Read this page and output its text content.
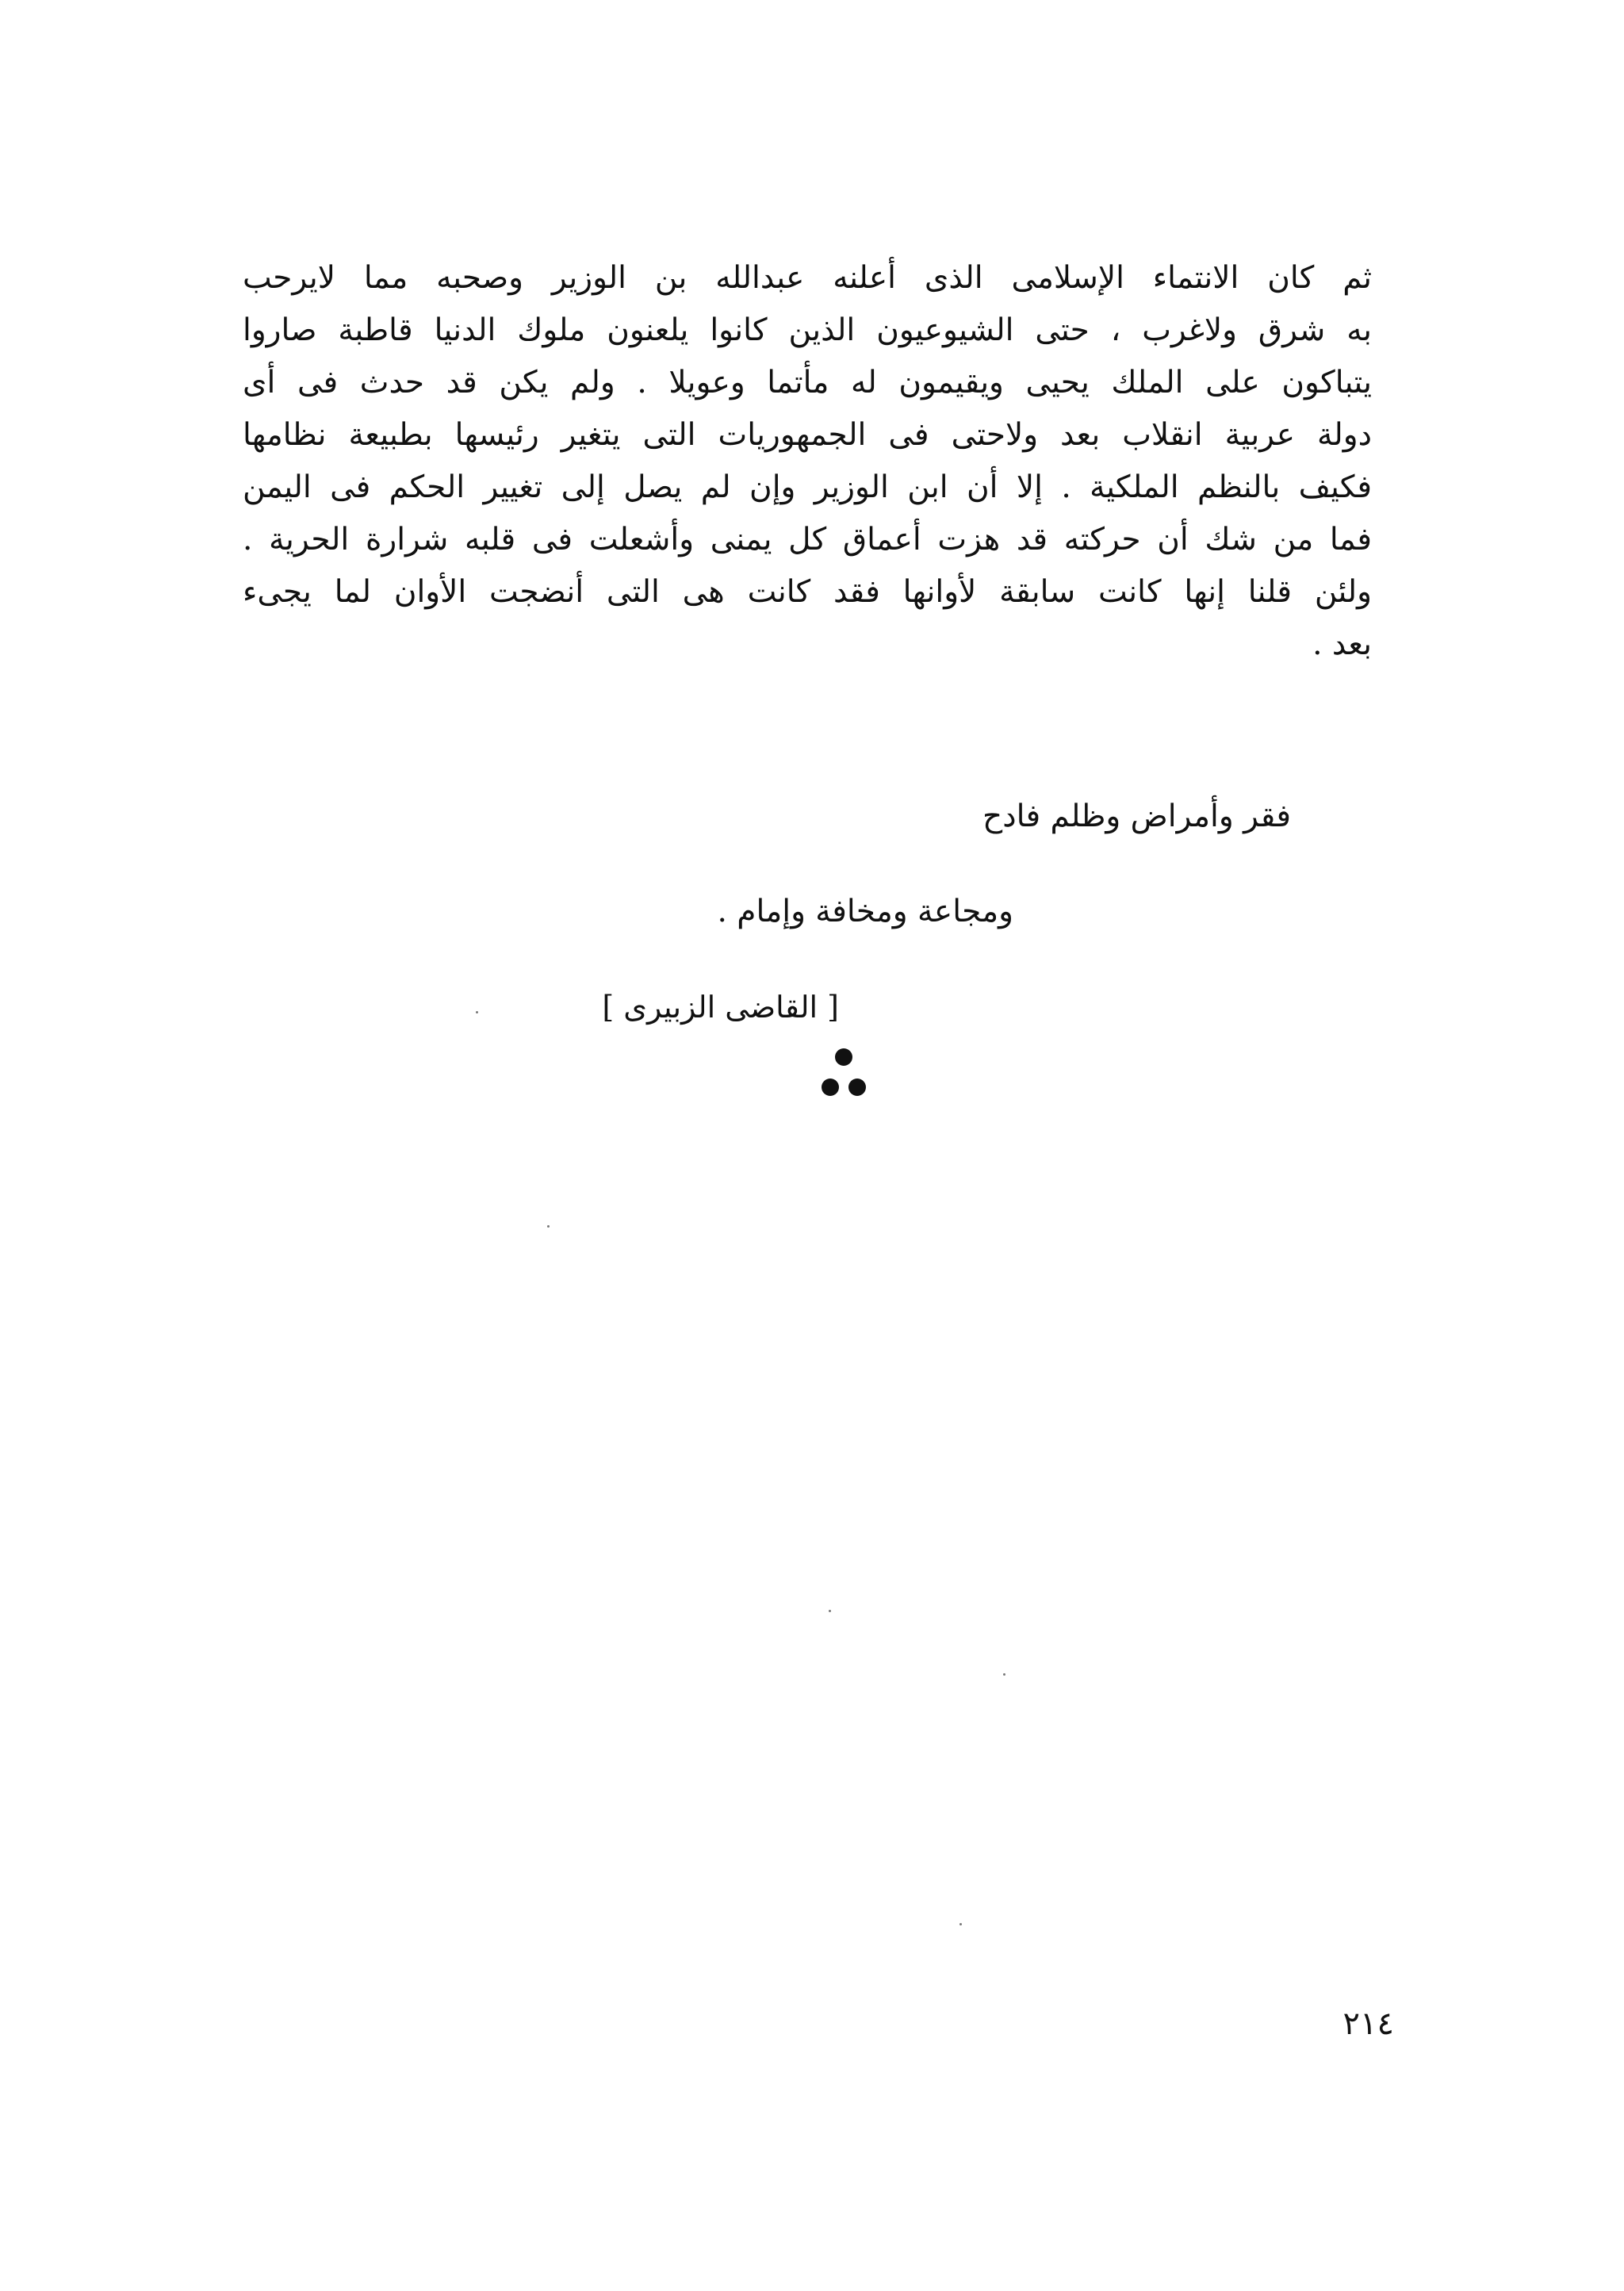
ثم كان الانتماء الإسلامى الذى أعلنه عبدالله بن الوزير وصحبه مما لايرحب
به شرق ولاغرب ، حتى الشيوعيون الذين كانوا يلعنون ملوك الدنيا قاطبة صاروا
يتباكون على الملك يحيى ويقيمون له مأتما وعويلا . ولم يكن قد حدث فى أى
دولة عربية انقلاب بعد ولاحتى فى الجمهوريات التى يتغير رئيسها بطبيعة نظامها
فكيف بالنظم الملكية . إلا أن ابن الوزير وإن لم يصل إلى تغيير الحكم فى اليمن
فما من شك أن حركته قد هزت أعماق كل يمنى وأشعلت فى قلبه شرارة الحرية .
ولئن قلنا إنها كانت سابقة لأوانها فقد كانت هى التى أنضجت الأوان لما يجىء
بعد .
فقر وأمراض وظلم فادح
ومجاعة ومخافة وإمام .
[ القاضى الزبيرى ]
٢١٤
